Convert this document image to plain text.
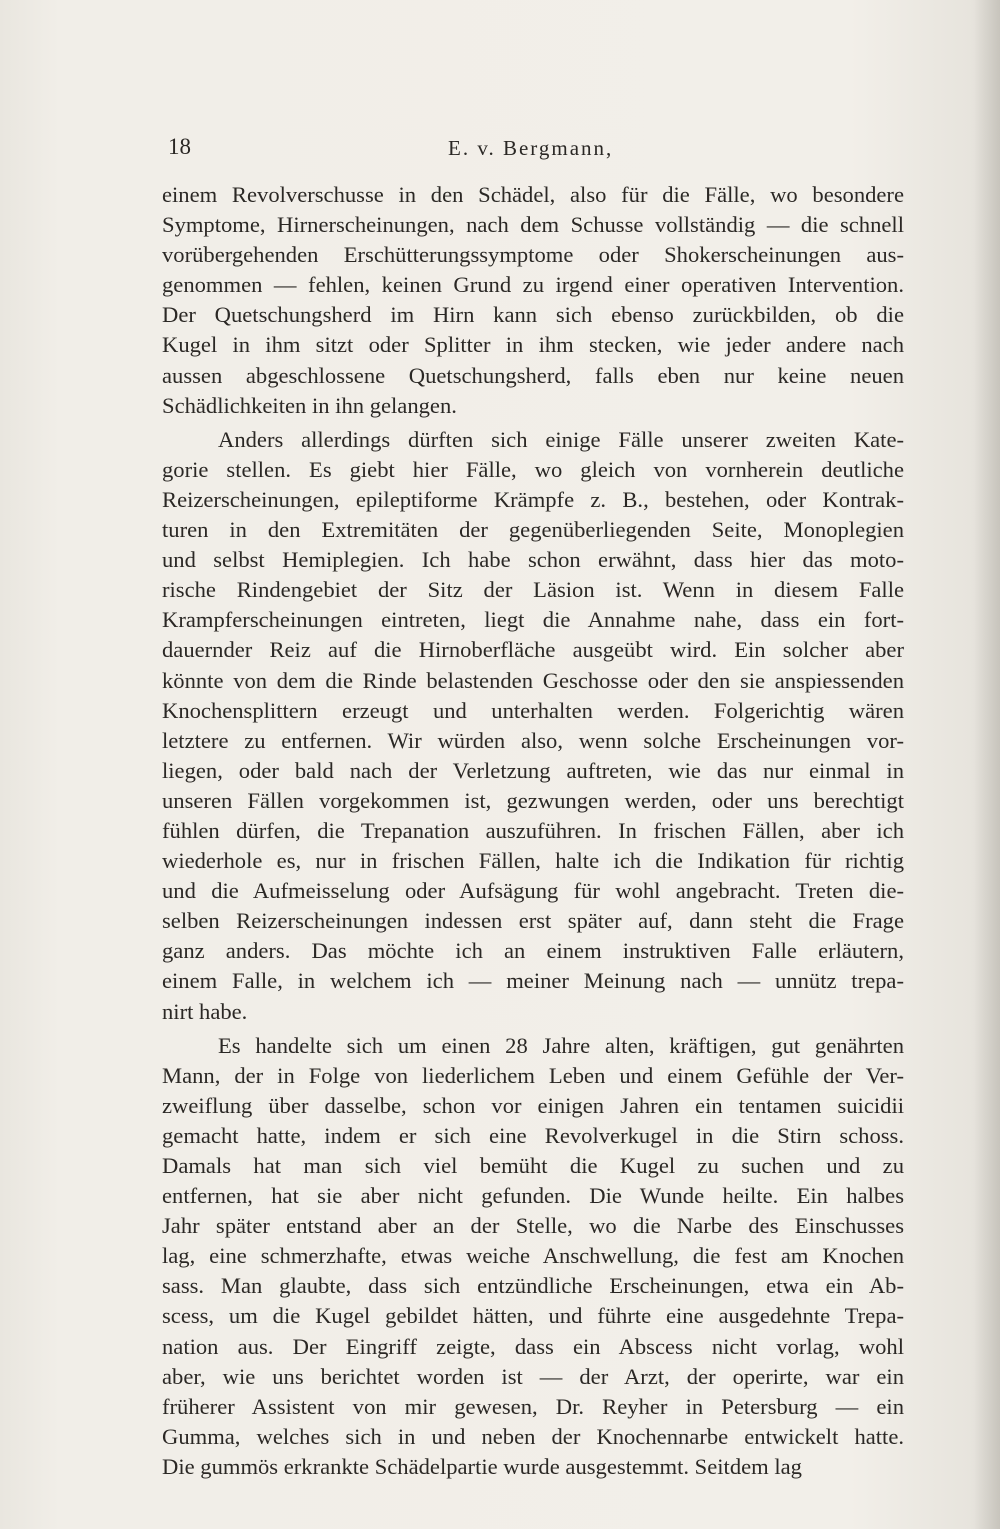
18	E. v. Bergmann,
einem Revolverschusse in den Schädel, also für die Fälle, wo besondere
Symptome, Hirnerscheinungen, nach dem Schusse vollständig — die schnell
vorübergehenden Erschütterungssymptome oder Shokerscheinungen aus-
genommen — fehlen, keinen Grund zu irgend einer operativen Intervention.
Der Quetschungsherd im Hirn kann sich ebenso zurückbilden, ob die
Kugel in ihm sitzt oder Splitter in ihm stecken, wie jeder andere nach
aussen abgeschlossene Quetschungsherd, falls eben nur keine neuen
Schädlichkeiten in ihn gelangen.
Anders allerdings dürften sich einige Fälle unserer zweiten Kate-
gorie stellen. Es giebt hier Fälle, wo gleich von vornherein deutliche
Reizerscheinungen, epileptiforme Krämpfe z. B., bestehen, oder Kontrak-
turen in den Extremitäten der gegenüberliegenden Seite, Monoplegien
und selbst Hemiplegien. Ich habe schon erwähnt, dass hier das moto-
rische Rindengebiet der Sitz der Läsion ist. Wenn in diesem Falle
Krampferscheinungen eintreten, liegt die Annahme nahe, dass ein fort-
dauernder Reiz auf die Hirnoberfläche ausgeübt wird. Ein solcher aber
könnte von dem die Rinde belastenden Geschosse oder den sie anspiessenden
Knochensplittern erzeugt und unterhalten werden. Folgerichtig wären
letztere zu entfernen. Wir würden also, wenn solche Erscheinungen vor-
liegen, oder bald nach der Verletzung auftreten, wie das nur einmal in
unseren Fällen vorgekommen ist, gezwungen werden, oder uns berechtigt
fühlen dürfen, die Trepanation auszuführen. In frischen Fällen, aber ich
wiederhole es, nur in frischen Fällen, halte ich die Indikation für richtig
und die Aufmeisselung oder Aufsägung für wohl angebracht. Treten die-
selben Reizerscheinungen indessen erst später auf, dann steht die Frage
ganz anders. Das möchte ich an einem instruktiven Falle erläutern,
einem Falle, in welchem ich — meiner Meinung nach — unnütz trepa-
nirt habe.
Es handelte sich um einen 28 Jahre alten, kräftigen, gut genährten
Mann, der in Folge von liederlichem Leben und einem Gefühle der Ver-
zweiflung über dasselbe, schon vor einigen Jahren ein tentamen suicidii
gemacht hatte, indem er sich eine Revolverkugel in die Stirn schoss.
Damals hat man sich viel bemüht die Kugel zu suchen und zu
entfernen, hat sie aber nicht gefunden. Die Wunde heilte. Ein halbes
Jahr später entstand aber an der Stelle, wo die Narbe des Einschusses
lag, eine schmerzhafte, etwas weiche Anschwellung, die fest am Knochen
sass. Man glaubte, dass sich entzündliche Erscheinungen, etwa ein Ab-
scess, um die Kugel gebildet hätten, und führte eine ausgedehnte Trepa-
nation aus. Der Eingriff zeigte, dass ein Abscess nicht vorlag, wohl
aber, wie uns berichtet worden ist — der Arzt, der operirte, war ein
früherer Assistent von mir gewesen, Dr. Reyher in Petersburg — ein
Gumma, welches sich in und neben der Knochennarbe entwickelt hatte.
Die gummös erkrankte Schädelpartie wurde ausgestemmt. Seitdem lag
